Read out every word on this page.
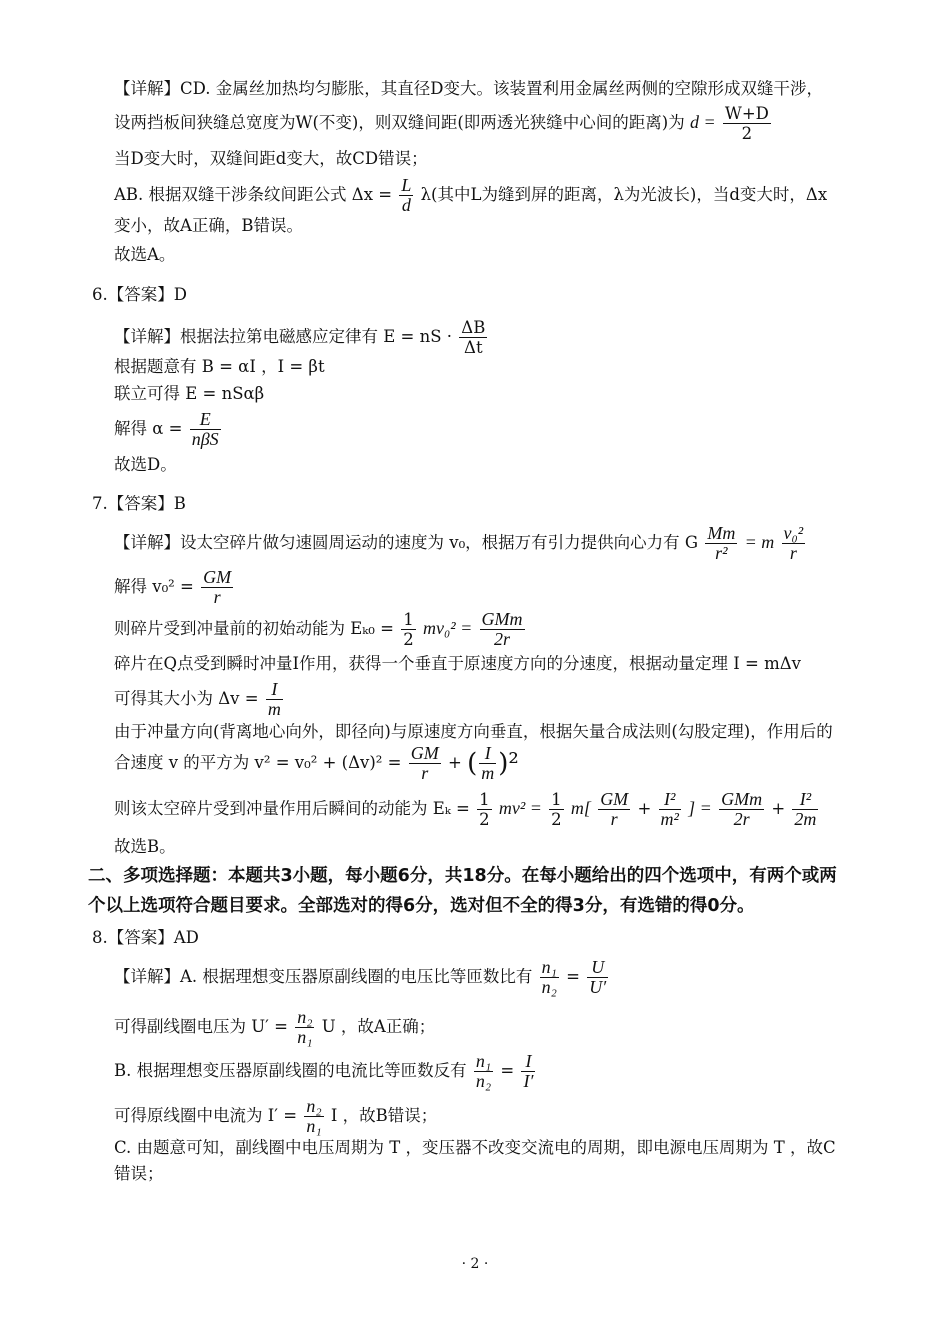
【详解】CD. 金属丝加热均匀膨胀，其直径D变大。该装置利用金属丝两侧的空隙形成双缝干涉，
设两挡板间狭缝总宽度为W(不变)，则双缝间距(即两透光狭缝中心间的距离)为 $d = \frac{W+D}{2}$
当D变大时，双缝间距d变大，故CD错误；
AB. 根据双缝干涉条纹间距公式 $\Delta x = \frac{L}{d} \lambda$(其中L为缝到屏的距离，λ为光波长)，当d变大时，Δx
变小，故A正确，B错误。
故选A。
6.【答案】D
【详解】根据法拉第电磁感应定律有 E = nS · $\frac{\Delta B}{\Delta t}$
根据题意有 B = αI ，I = βt
联立可得 E = nSαβ
解得 α = E
nβS
故选D。
7.【答案】B
【详解】设太空碎片做匀速圆周运动的速度为 v₀，根据万有引力提供向心力有 G $\frac{Mm}{\text{r²}} = m \frac{\text{v₀²}}{r}$
解得 $v_0^2 = \frac{GM}{r}$
则碎片受到冲量前的初始动能为 $E_{k0} = \frac{1}{2} mv_0^2$ = GMm
2r
碎片在Q点受到瞬时冲量I作用，获得一个垂直于原速度方向的分速度，根据动量定理 I = mΔv
可得其大小为 $\Delta v = \frac{I}{m}$
由于冲量方向(背离地心向外，即径向)与原速度方向垂直，根据矢量合成法则(勾股定理)，作用后的
合速度 v 的平方为 $v^2 = v_0^2 + (\Delta v)^2 = \frac{GM}{r}$ + ( $\frac{I}{m} )^2$
则该太空碎片受到冲量作用后瞬间的动能为 $E_k = \frac{1}{2} mv^2 = \frac{1}{2} m[ \frac{GM}{r} + \frac{\text{I²}}{\text{m²}}$ ] = GMm
2r
+ $\frac{\text{I²}}{2m}$
故选B。
二、多项选择题：本题共3小题，每小题6分，共18分。在每小题给出的四个选项中，有两个或两
个以上选项符合题目要求。全部选对的得6分，选对但不全的得3分，有选错的得0分。
8.【答案】AD
【详解】A. 根据理想变压器原副线圈的电压比等匝数比有 $\frac{\text{n₁}}{\text{n₂}} = \frac{U}{U'}$
可得副线圈电压为 $U' = \frac{\text{n₂}}{\text{n₁}}$ U ，故A正确；
B. 根据理想变压器原副线圈的电流比等匝数反有 $\frac{\text{n₁}}{\text{n₂}} = \frac{I}{I'}$
可得原线圈中电流为 $I' = \frac{\text{n₂}}{\text{n₁}}$ I ，故B错误；
C. 由题意可知，副线圈中电压周期为 T ，变压器不改变交流电的周期，即电源电压周期为 T ，故C
错误；
· 2 ·
